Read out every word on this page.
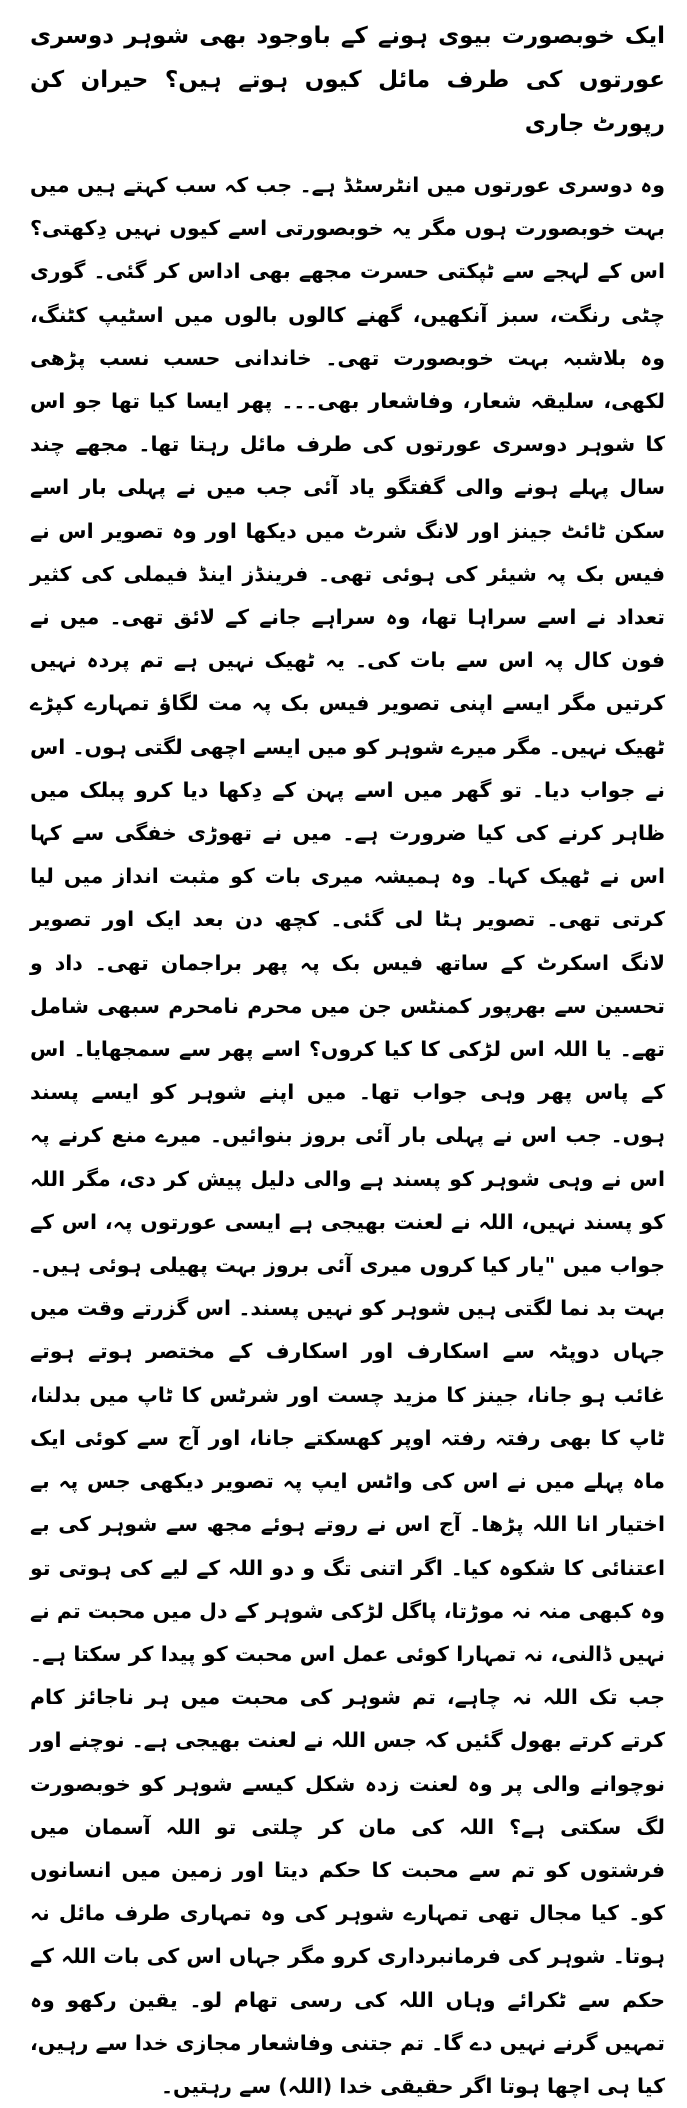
ایک خوبصورت بیوی ہونے کے باوجود بھی شوہر دوسری عورتوں کی طرف مائل کیوں ہوتے ہیں؟ حیران کن رپورٹ جاری

وہ دوسری عورتوں میں انٹرسٹڈ ہے۔ جب کہ سب کہتے ہیں میں بہت خوبصورت ہوں مگر یہ خوبصورتی اسے کیوں نہیں دِکھتی؟ اس کے لہجے سے ٹپکتی حسرت مجھے بھی اداس کر گئی۔ گوری چٹی رنگت، سبز آنکھیں، گھنے کالوں بالوں میں اسٹیپ کٹنگ، وہ بلاشبہ بہت خوبصورت تھی۔ خاندانی حسب نسب پڑھی لکھی، سلیقہ شعار، وفاشعار بھی۔۔۔ پھر ایسا کیا تھا جو اس کا شوہر دوسری عورتوں کی طرف مائل رہتا تھا۔ مجھے چند سال پہلے ہونے والی گفتگو یاد آئی جب میں نے پہلی بار اسے سکن ٹائٹ جینز اور لانگ شرٹ میں دیکھا اور وہ تصویر اس نے فیس بک پہ شیئر کی ہوئی تھی۔ فرینڈز اینڈ فیملی کی کثیر تعداد نے اسے سراہا تھا، وہ سراہے جانے کے لائق تھی۔ میں نے فون کال پہ اس سے بات کی۔ یہ ٹھیک نہیں ہے تم پردہ نہیں کرتیں مگر ایسے اپنی تصویر فیس بک پہ مت لگاؤ تمہارے کپڑے ٹھیک نہیں۔ مگر میرے شوہر کو میں ایسے اچھی لگتی ہوں۔ اس نے جواب دیا۔ تو گھر میں اسے پہن کے دِکھا دیا کرو پبلک میں ظاہر کرنے کی کیا ضرورت ہے۔ میں نے تھوڑی خفگی سے کہا اس نے ٹھیک کہا۔ وہ ہمیشہ میری بات کو مثبت انداز میں لیا کرتی تھی۔ تصویر ہٹا لی گئی۔ کچھ دن بعد ایک اور تصویر لانگ اسکرٹ کے ساتھ فیس بک پہ پھر براجمان تھی۔ داد و تحسین سے بھرپور کمنٹس جن میں محرم نامحرم سبھی شامل تھے۔ یا اللہ اس لڑکی کا کیا کروں؟ اسے پھر سے سمجھایا۔ اس کے پاس پھر وہی جواب تھا۔ میں اپنے شوہر کو ایسے پسند ہوں۔ جب اس نے پہلی بار آئی بروز بنوائیں۔ میرے منع کرنے پہ اس نے وہی شوہر کو پسند ہے والی دلیل پیش کر دی، مگر اللہ کو پسند نہیں، اللہ نے لعنت بھیجی ہے ایسی عورتوں پہ، اس کے جواب میں "یار کیا کروں میری آئی بروز بہت پھیلی ہوئی ہیں۔ بہت بد نما لگتی ہیں شوہر کو نہیں پسند۔ اس گزرتے وقت میں جہاں دوپٹہ سے اسکارف اور اسکارف کے مختصر ہوتے ہوتے غائب ہو جانا، جینز کا مزید چست اور شرٹس کا ٹاپ میں بدلنا، ٹاپ کا بھی رفتہ رفتہ اوپر کھسکتے جانا، اور آج سے کوئی ایک ماہ پہلے میں نے اس کی واٹس ایپ پہ تصویر دیکھی جس پہ بے اختیار انا اللہ پڑھا۔ آج اس نے روتے ہوئے مجھ سے شوہر کی بے اعتنائی کا شکوہ کیا۔ اگر اتنی تگ و دو اللہ کے لیے کی ہوتی تو وہ کبھی منہ نہ موڑتا، پاگل لڑکی شوہر کے دل میں محبت تم نے نہیں ڈالنی، نہ تمہارا کوئی عمل اس محبت کو پیدا کر سکتا ہے۔ جب تک اللہ نہ چاہے، تم شوہر کی محبت میں ہر ناجائز کام کرتے کرتے بھول گئیں کہ جس اللہ نے لعنت بھیجی ہے۔ نوچنے اور نوچوانے والی پر وہ لعنت زدہ شکل کیسے شوہر کو خوبصورت لگ سکتی ہے؟ اللہ کی مان کر چلتی تو اللہ آسمان میں فرشتوں کو تم سے محبت کا حکم دیتا اور زمین میں انسانوں کو۔ کیا مجال تھی تمہارے شوہر کی وہ تمہاری طرف مائل نہ ہوتا۔ شوہر کی فرمانبرداری کرو مگر جہاں اس کی بات اللہ کے حکم سے ٹکرائے وہاں اللہ کی رسی تھام لو۔ یقین رکھو وہ تمہیں گرنے نہیں دے گا۔ تم جتنی وفاشعار مجازی خدا سے رہیں، کیا ہی اچھا ہوتا اگر حقیقی خدا (اللہ) سے رہتیں۔
